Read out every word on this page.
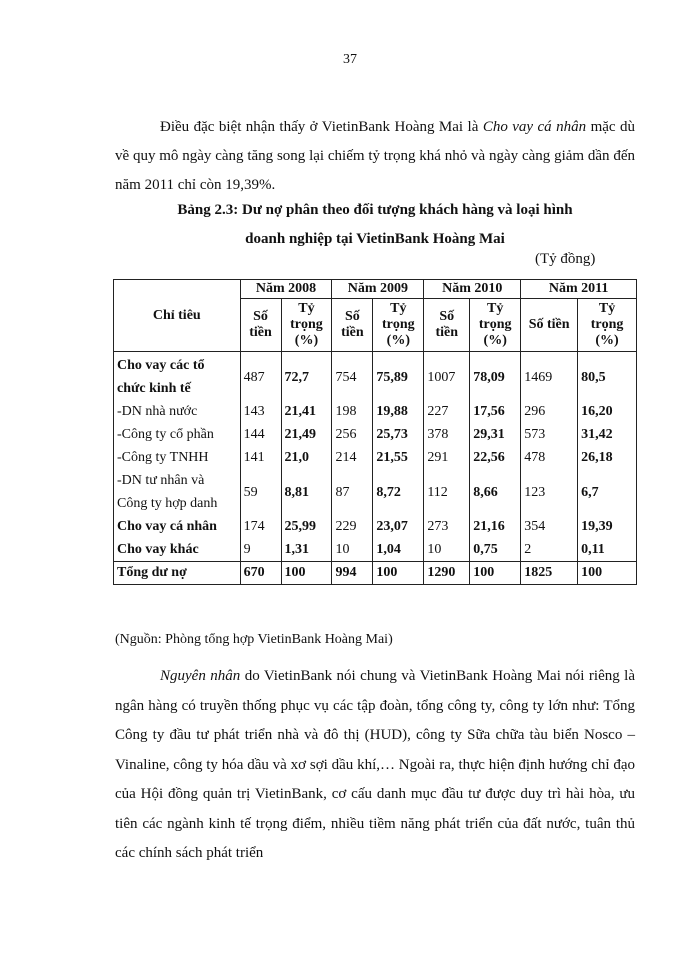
37
Điều đặc biệt nhận thấy ở VietinBank Hoàng Mai là Cho vay cá nhân mặc dù về quy mô ngày càng tăng song lại chiếm tỷ trọng khá nhỏ và ngày càng giảm dần đến năm 2011 chỉ còn 19,39%.
Bảng 2.3: Dư nợ phân theo đối tượng khách hàng và loại hình
doanh nghiệp tại VietinBank Hoàng Mai
(Tỷ đồng)
Chỉ tiêu	Năm 2008		Năm 2009		Năm 2010		Năm 2011	
	Số tiền	Tỷ trọng (%)	Số tiền	Tỷ trọng (%)	Số tiền	Tỷ trọng (%)	Số tiền	Tỷ trọng (%)
Cho vay các tổ chức kinh tế	487	72,7	754	75,89	1007	78,09	1469	80,5
-DN nhà nước	143	21,41	198	19,88	227	17,56	296	16,20
-Công ty cổ phần	144	21,49	256	25,73	378	29,31	573	31,42
-Công ty TNHH	141	21,0	214	21,55	291	22,56	478	26,18
-DN tư nhân và Công ty hợp danh	59	8,81	87	8,72	112	8,66	123	6,7
Cho vay cá nhân	174	25,99	229	23,07	273	21,16	354	19,39
Cho vay khác	9	1,31	10	1,04	10	0,75	2	0,11
Tổng dư nợ	670	100	994	100	1290	100	1825	100
(Nguồn: Phòng tổng hợp VietinBank Hoàng Mai)
Nguyên nhân do VietinBank nói chung và VietinBank Hoàng Mai nói riêng là ngân hàng có truyền thống phục vụ các tập đoàn, tổng công ty, công ty lớn như: Tổng Công ty đầu tư phát triển nhà và đô thị (HUD), công ty Sữa chữa tàu biển Nosco – Vinaline, công ty hóa dầu và xơ sợi dầu khí,… Ngoài ra, thực hiện định hướng chỉ đạo của Hội đồng quản trị VietinBank, cơ cấu danh mục đầu tư được duy trì hài hòa, ưu tiên các ngành kinh tế trọng điểm, nhiều tiềm năng phát triển của đất nước, tuân thủ các chính sách phát triển
